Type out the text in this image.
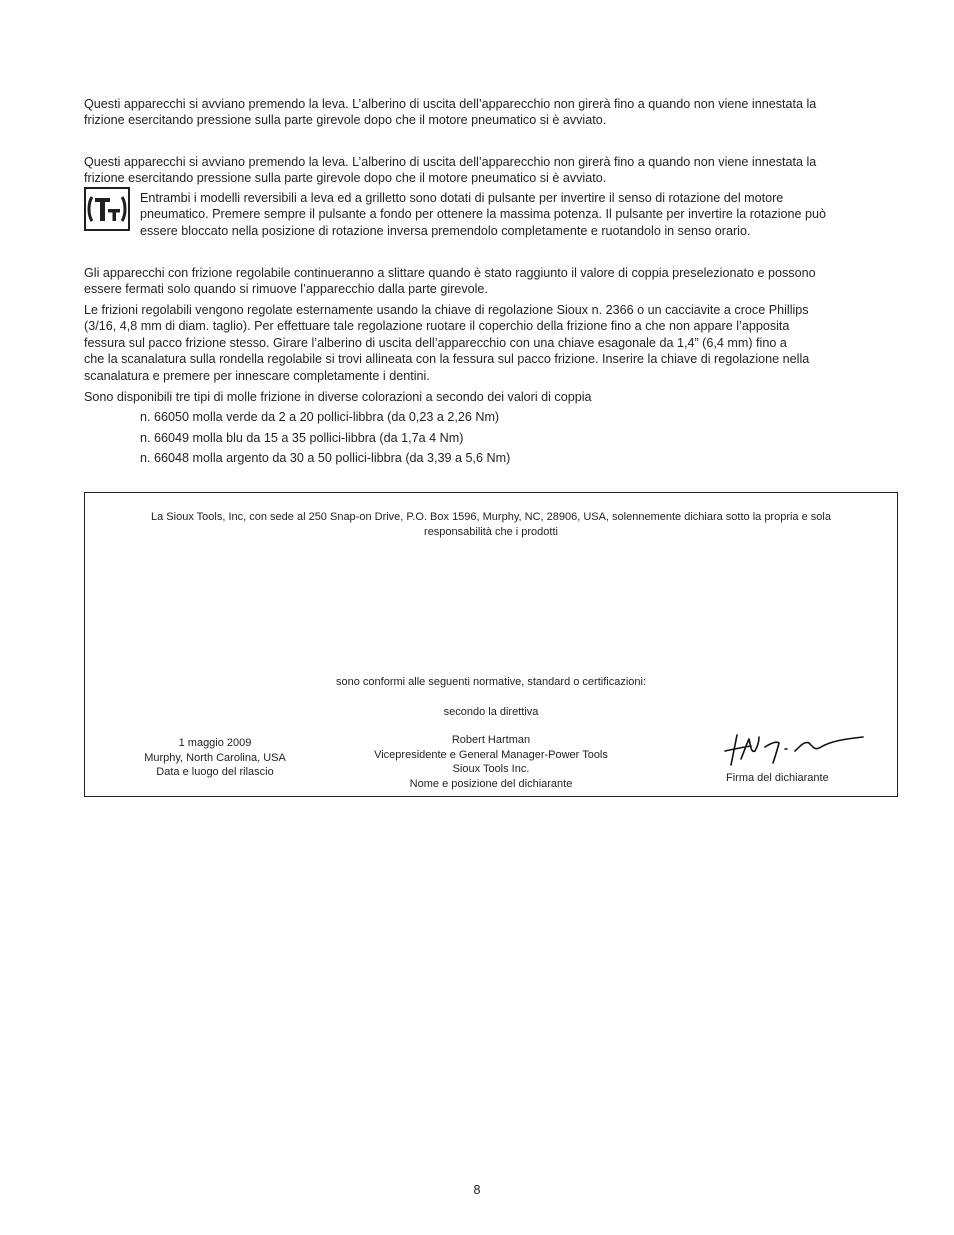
Questi apparecchi si avviano premendo la leva. L’alberino di uscita dell’apparecchio non girerà fino a quando non viene innestata la
frizione esercitando pressione sulla parte girevole dopo che il motore pneumatico si è avviato.
Questi apparecchi si avviano premendo la leva. L’alberino di uscita dell’apparecchio non girerà fino a quando non viene innestata la
frizione esercitando pressione sulla parte girevole dopo che il motore pneumatico si è avviato.
Entrambi i modelli reversibili a leva ed a grilletto sono dotati di pulsante per invertire il senso di rotazione del motore
pneumatico. Premere sempre il pulsante a fondo per ottenere la massima potenza. Il pulsante per invertire la rotazione può
essere bloccato nella posizione di rotazione inversa premendolo completamente e ruotandolo in senso orario.
Gli apparecchi con frizione regolabile continueranno a slittare quando è stato raggiunto il valore di coppia preselezionato e possono
essere fermati solo quando si rimuove l’apparecchio dalla parte girevole.
Le frizioni regolabili vengono regolate esternamente usando la chiave di regolazione Sioux n. 2366 o un cacciavite a croce Phillips
(3/16, 4,8 mm di diam. taglio). Per effettuare tale regolazione ruotare il coperchio della frizione fino a che non appare l’apposita
fessura sul pacco frizione stesso. Girare l’alberino di uscita dell’apparecchio con una chiave esagonale da 1,4” (6,4 mm) fino a
che la scanalatura sulla rondella regolabile si trovi allineata con la fessura sul pacco frizione. Inserire la chiave di regolazione nella
scanalatura e premere per innescare completamente i dentini.
Sono disponibili tre tipi di molle frizione in diverse colorazioni a secondo dei valori di coppia
n. 66050 molla verde da 2 a 20 pollici-libbra (da 0,23 a 2,26 Nm)
n. 66049 molla blu da 15 a 35 pollici-libbra (da 1,7a 4 Nm)
n. 66048 molla argento da 30 a 50 pollici-libbra (da 3,39 a 5,6 Nm)
La Sioux Tools, Inc, con sede al 250 Snap-on Drive, P.O. Box 1596, Murphy, NC, 28906, USA, solennemente dichiara sotto la propria e sola
responsabilità che i prodotti
sono conformi alle seguenti normative, standard o certificazioni:
secondo la direttiva
1 maggio 2009
Murphy, North Carolina, USA
Data e luogo del rilascio
Robert Hartman
Vicepresidente e General Manager-Power Tools
Sioux Tools Inc.
Nome e posizione del dichiarante	Firma del dichiarante
8
